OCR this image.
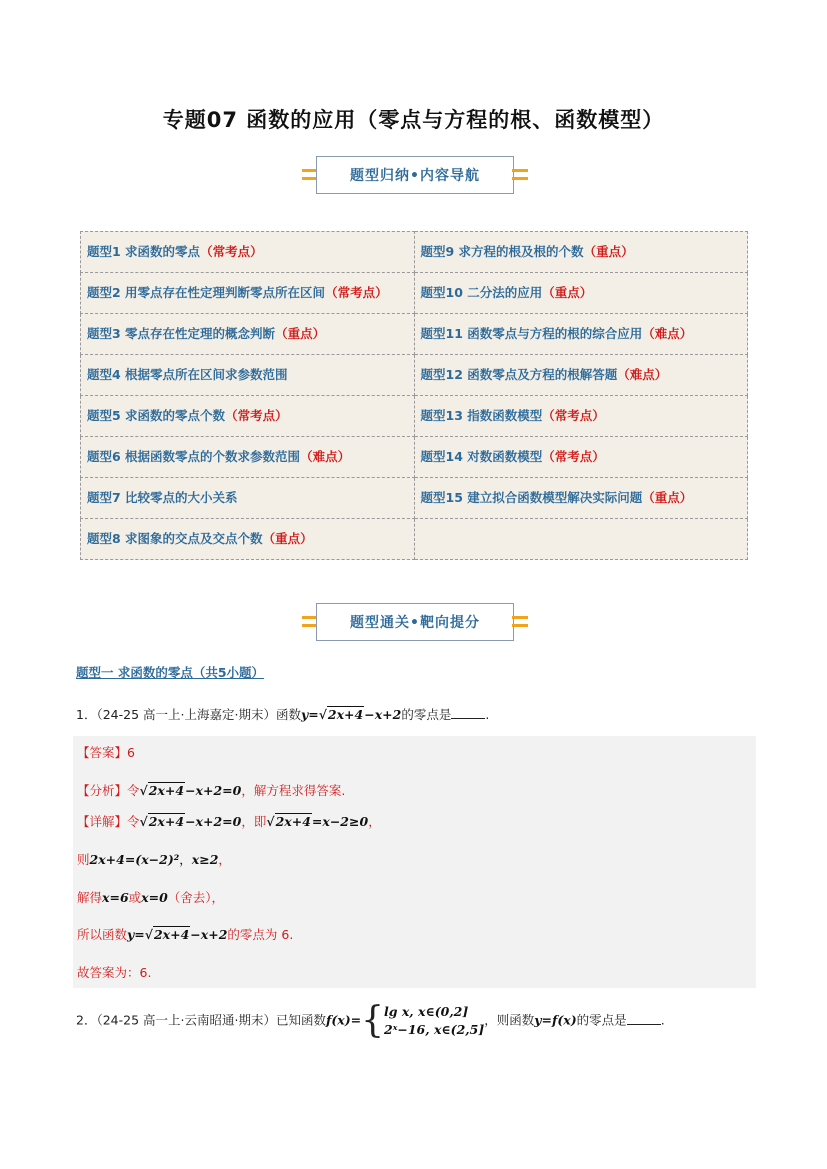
专题07 函数的应用（零点与方程的根、函数模型）
题型归纳•内容导航
题型1 求函数的零点（常考点）	题型9 求方程的根及根的个数（重点）
题型2 用零点存在性定理判断零点所在区间（常考点）	题型10 二分法的应用（重点）
题型3 零点存在性定理的概念判断（重点）	题型11 函数零点与方程的根的综合应用（难点）
题型4 根据零点所在区间求参数范围	题型12 函数零点及方程的根解答题（难点）
题型5 求函数的零点个数（常考点）	题型13 指数函数模型（常考点）
题型6 根据函数零点的个数求参数范围（难点）	题型14 对数函数模型（常考点）
题型7 比较零点的大小关系	题型15 建立拟合函数模型解决实际问题（重点）
题型8 求图象的交点及交点个数（重点）	
题型通关•靶向提分
题型一 求函数的零点（共5小题）
1．（24-25 高一上·上海嘉定·期末）函数y=√2x+4−x+2的零点是	.
【答案】6
【分析】令√2x+4−x+2=0，解方程求得答案.
【详解】令√2x+4−x+2=0，即√2x+4=x−2≥0，
则2x+4=(x−2)²，x≥2，
解得x=6或x=0（舍去），
所以函数y=√2x+4−x+2的零点为 6.
故答案为：6.
2．（24-25 高一上·云南昭通·期末）已知函数f(x)={lg x, x∈(0,2]
2ˣ−16, x∈(2,5]，则函数y=f(x)的零点是	.
